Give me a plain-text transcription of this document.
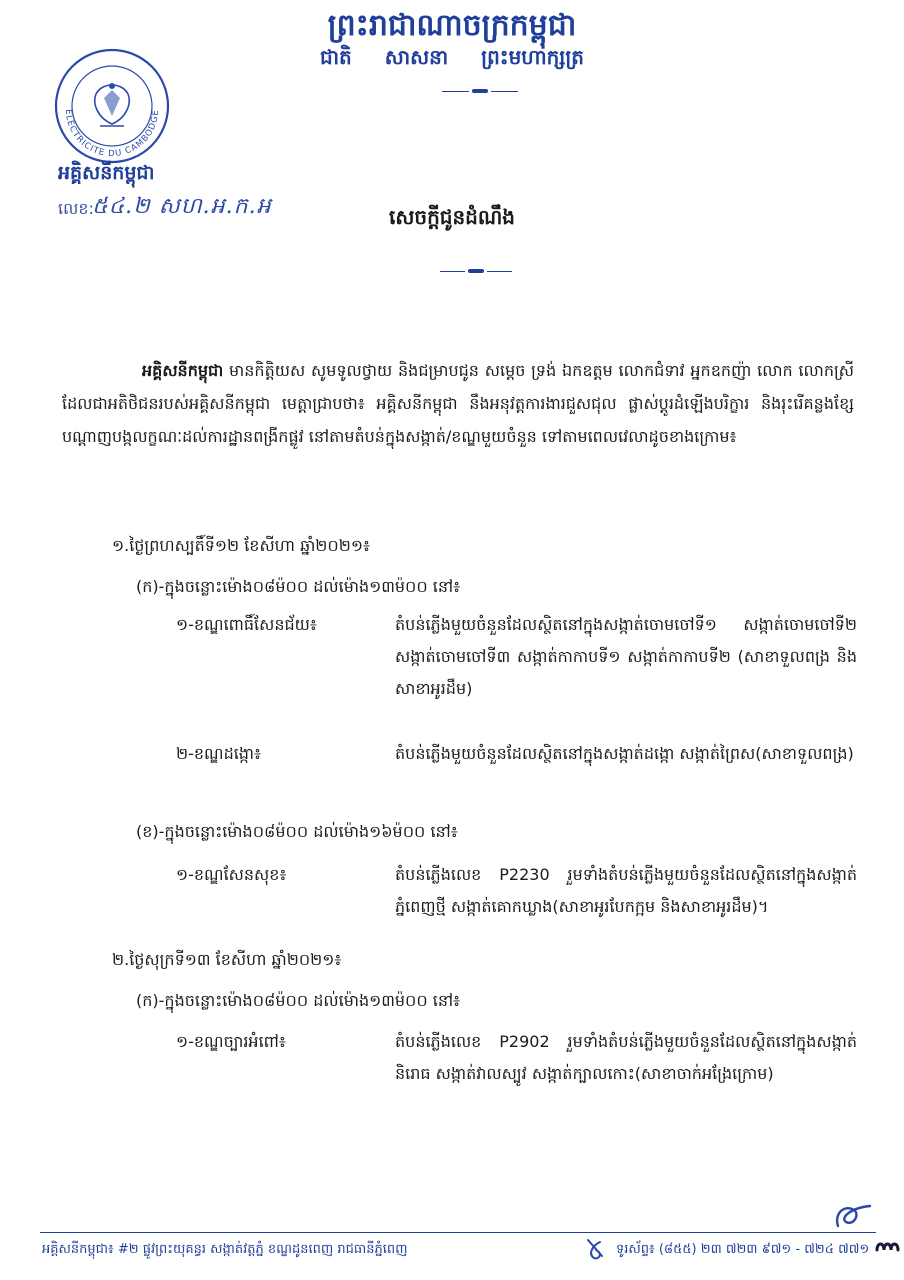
ព្រះរាជាណាចក្រកម្ពុជា
ជាតិ សាសនា ព្រះមហាក្សត្រ
ELECTRICITE DU CAMBODGE
អគ្គិសនីកម្ពុជា
លេខ:
៥៤.២ សហ.អ.ក.អ	សេចក្តីជូនដំណឹង
អគ្គិសនីកម្ពុជា មានកិត្តិយស សូមទូលថ្វាយ និងជម្រាបជូន សម្តេច ទ្រង់ ឯកឧត្តម លោកជំទាវ អ្នកឧកញ៉ា លោក លោកស្រី ដែលជាអតិថិជនរបស់អគ្គិសនីកម្ពុជា មេត្តាជ្រាបថា៖ អគ្គិសនីកម្ពុជា នឹងអនុវត្តការងារជួសជុល ផ្លាស់ប្តូរដំឡើងបរិក្ខារ និងរុះរើគន្លងខ្សែបណ្តាញបង្កលក្ខណៈដល់ការដ្ឋានពង្រីកផ្លូវ នៅតាមតំបន់ក្នុងសង្កាត់/ខណ្ឌមួយចំនួន ទៅតាមពេលវេលាដូចខាងក្រោម៖
១.ថ្ងៃព្រហស្បតិ៍ទី១២ ខែសីហា ឆ្នាំ២០២១៖
(ក)-ក្នុងចន្លោះម៉ោង០៨ម៉០០ ដល់ម៉ោង១៣ម៉០០ នៅ៖
១-ខណ្ឌពោធិ៍សែនជ័យ៖	តំបន់ភ្លើងមួយចំនួនដែលស្ថិតនៅក្នុងសង្កាត់ចោមចៅទី១ សង្កាត់ចោមចៅទី២ សង្កាត់ចោមចៅទី៣ សង្កាត់កាកាបទី១ សង្កាត់កាកាបទី២ (សាខាទួលពង្រ និងសាខាអូរដឹម)
២-ខណ្ឌដង្កោ៖	តំបន់ភ្លើងមួយចំនួនដែលស្ថិតនៅក្នុងសង្កាត់ដង្កោ សង្កាត់ព្រៃស(សាខាទួលពង្រ)
(ខ)-ក្នុងចន្លោះម៉ោង០៨ម៉០០ ដល់ម៉ោង១៦ម៉០០ នៅ៖
១-ខណ្ឌសែនសុខ៖	តំបន់ភ្លើងលេខ P2230 រួមទាំងតំបន់ភ្លើងមួយចំនួនដែលស្ថិតនៅក្នុងសង្កាត់ភ្នំពេញថ្មី សង្កាត់គោកឃ្លាង(សាខាអូរបែកក្អម និងសាខាអូរដឹម)។
២.ថ្ងៃសុក្រទី១៣ ខែសីហា ឆ្នាំ២០២១៖
(ក)-ក្នុងចន្លោះម៉ោង០៨ម៉០០ ដល់ម៉ោង១៣ម៉០០ នៅ៖
១-ខណ្ឌច្បារអំពៅ៖	តំបន់ភ្លើងលេខ P2902 រួមទាំងតំបន់ភ្លើងមួយចំនួនដែលស្ថិតនៅក្នុងសង្កាត់និរោធ សង្កាត់វាលស្បូវ សង្កាត់ក្បាលកោះ(សាខាចាក់អង្រែក្រោម)
អគ្គិសនីកម្ពុជា៖ #២ ផ្លូវព្រះយុគន្ធរ សង្កាត់វត្តភ្នំ ខណ្ឌដូនពេញ រាជធានីភ្នំពេញ	ទូរស័ព្ទ៖ (៨៥៥) ២៣ ៧២៣ ៩៧១ - ៧២៤ ៧៧១
